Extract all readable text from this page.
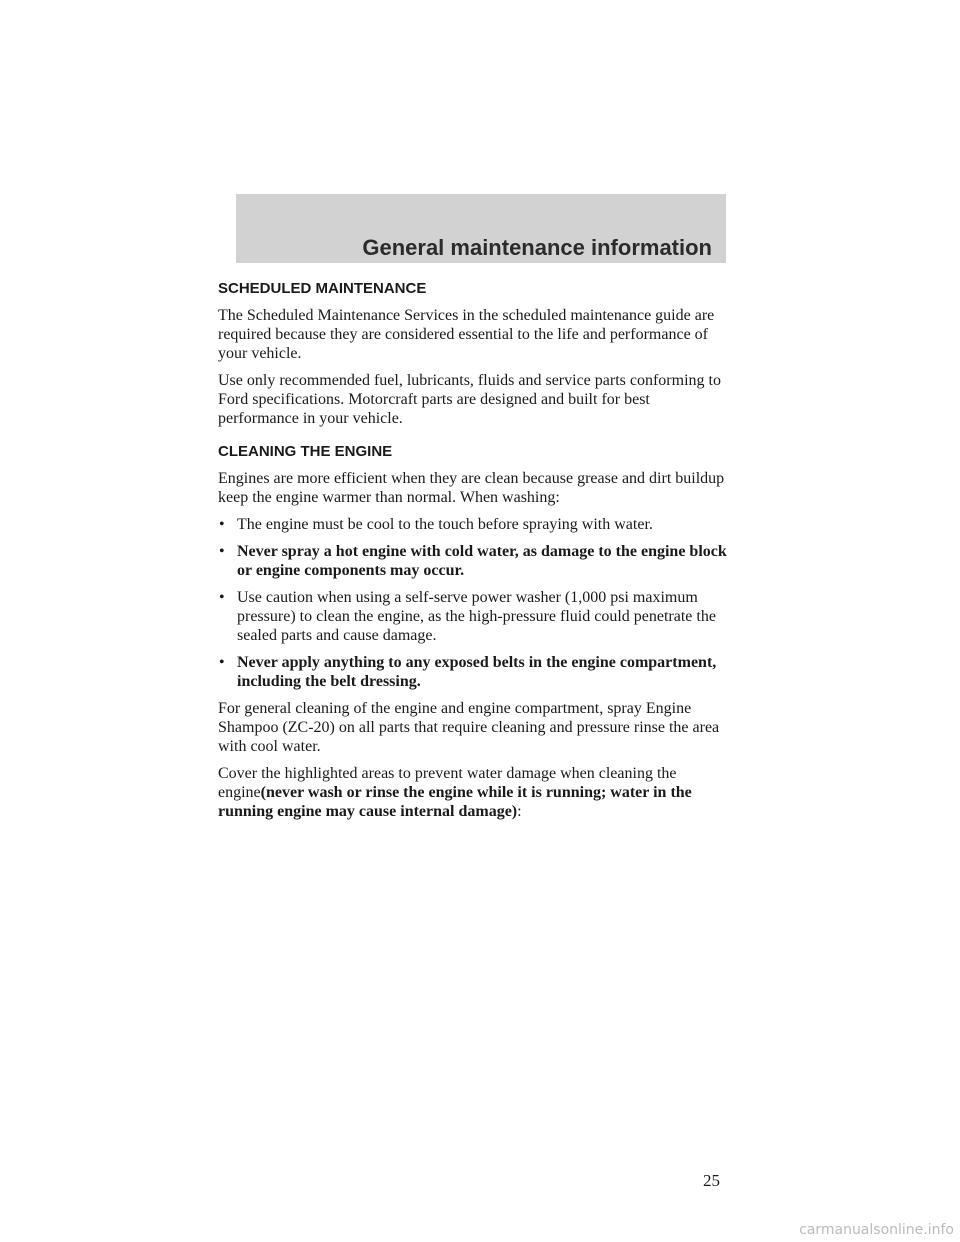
General maintenance information
SCHEDULED MAINTENANCE

The Scheduled Maintenance Services in the scheduled maintenance guide are required because they are considered essential to the life and performance of your vehicle.

Use only recommended fuel, lubricants, fluids and service parts conforming to Ford specifications. Motorcraft parts are designed and built for best performance in your vehicle.

CLEANING THE ENGINE

Engines are more efficient when they are clean because grease and dirt buildup keep the engine warmer than normal. When washing:

• The engine must be cool to the touch before spraying with water.
• Never spray a hot engine with cold water, as damage to the engine block or engine components may occur.
• Use caution when using a self-serve power washer (1,000 psi maximum pressure) to clean the engine, as the high-pressure fluid could penetrate the sealed parts and cause damage.
• Never apply anything to any exposed belts in the engine compartment, including the belt dressing.

For general cleaning of the engine and engine compartment, spray Engine Shampoo (ZC-20) on all parts that require cleaning and pressure rinse the area with cool water.

Cover the highlighted areas to prevent water damage when cleaning the engine(never wash or rinse the engine while it is running; water in the running engine may cause internal damage):

25
carmanualsonline.info
